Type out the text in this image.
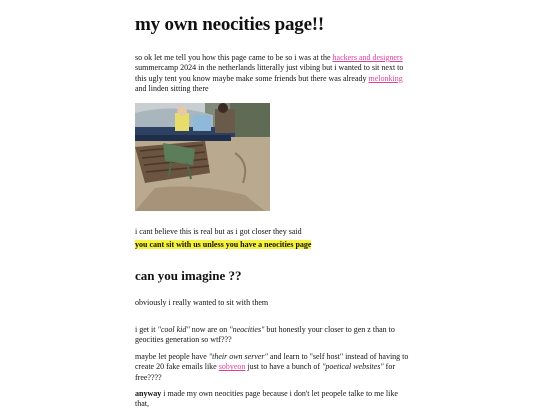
my own neocities page!!

so ok let me tell you how this page came to be so i was at the hackers and designers summercamp 2024 in the netherlands litterally just vibing but i wanted to sit next to this ugly tent you know maybe make some friends but there was already melonking and linden sitting there

i cant believe this is real but as i got closer they said

you cant sit with us unless you have a neocities page

can you imagine ??

obviously i really wanted to sit with them

i get it "cool kid" now are on "neocities" but honestly your closer to gen z than to geocities generation so wtf???

maybe let people have "their own server" and learn to "self host" instead of having to create 20 fake emails like sobyeon just to have a bunch of "poetical websites" for free????

anyway i made my own neocities page because i don't let peopele talke to me like that,
